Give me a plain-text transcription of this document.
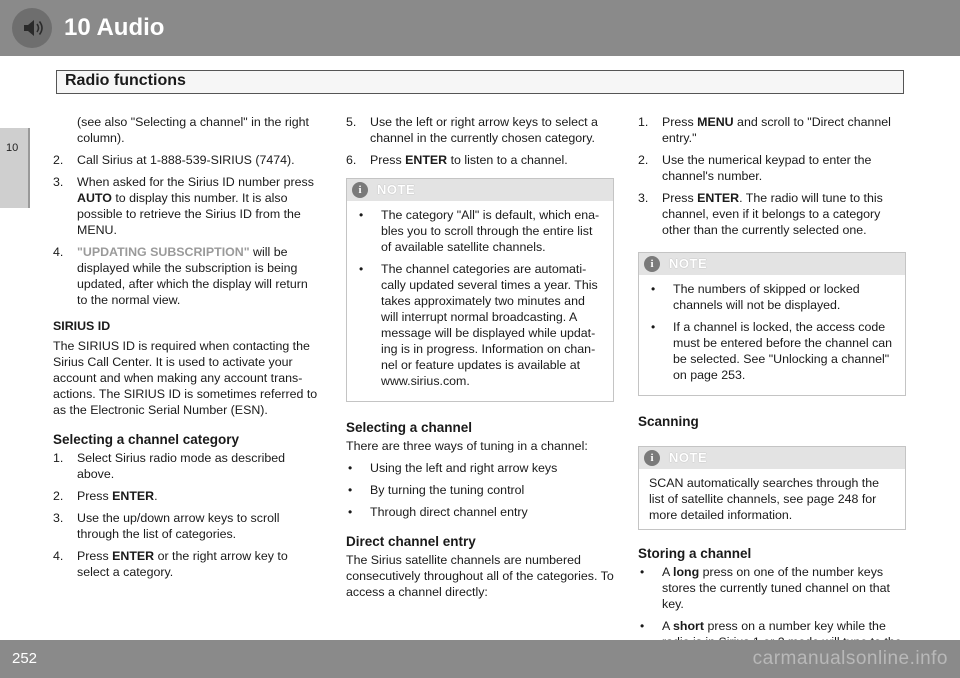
10 Audio
Radio functions
10
(see also "Selecting a channel" in the right column).
2. Call Sirius at 1-888-539-SIRIUS (7474).
3. When asked for the Sirius ID number press AUTO to display this number. It is also possible to retrieve the Sirius ID from the MENU.
4. "UPDATING SUBSCRIPTION" will be displayed while the subscription is being updated, after which the display will return to the normal view.
SIRIUS ID

The SIRIUS ID is required when contacting the Sirius Call Center. It is used to activate your account and when making any account trans-actions. The SIRIUS ID is sometimes referred to as the Electronic Serial Number (ESN).

Selecting a channel category
1. Select Sirius radio mode as described above.
2. Press ENTER.
3. Use the up/down arrow keys to scroll through the list of categories.
4. Press ENTER or the right arrow key to select a category.
5. Use the left or right arrow keys to select a channel in the currently chosen category.
6. Press ENTER to listen to a channel.
i	NOTE
• The category "All" is default, which ena-bles you to scroll through the entire list of available satellite channels.
• The channel categories are automati-cally updated several times a year. This takes approximately two minutes and will interrupt normal broadcasting. A message will be displayed while updat-ing is in progress. Information on chan-nel or feature updates is available at www.sirius.com.
Selecting a channel

There are three ways of tuning in a channel:

• Using the left and right arrow keys
• By turning the tuning control
• Through direct channel entry
Direct channel entry

The Sirius satellite channels are numbered consecutively throughout all of the categories. To access a channel directly:

1. Press MENU and scroll to "Direct channel entry."
2. Use the numerical keypad to enter the channel's number.
3. Press ENTER. The radio will tune to this channel, even if it belongs to a category other than the currently selected one.
i	NOTE
• The numbers of skipped or locked channels will not be displayed.
• If a channel is locked, the access code must be entered before the channel can be selected. See "Unlocking a channel" on page 253.
Scanning
i	NOTE
SCAN automatically searches through the list of satellite channels, see page 248 for more detailed information.
Storing a channel
• A long press on one of the number keys stores the currently tuned channel on that key.
• A short press on a number key while the
252	carmanualsonline.info
